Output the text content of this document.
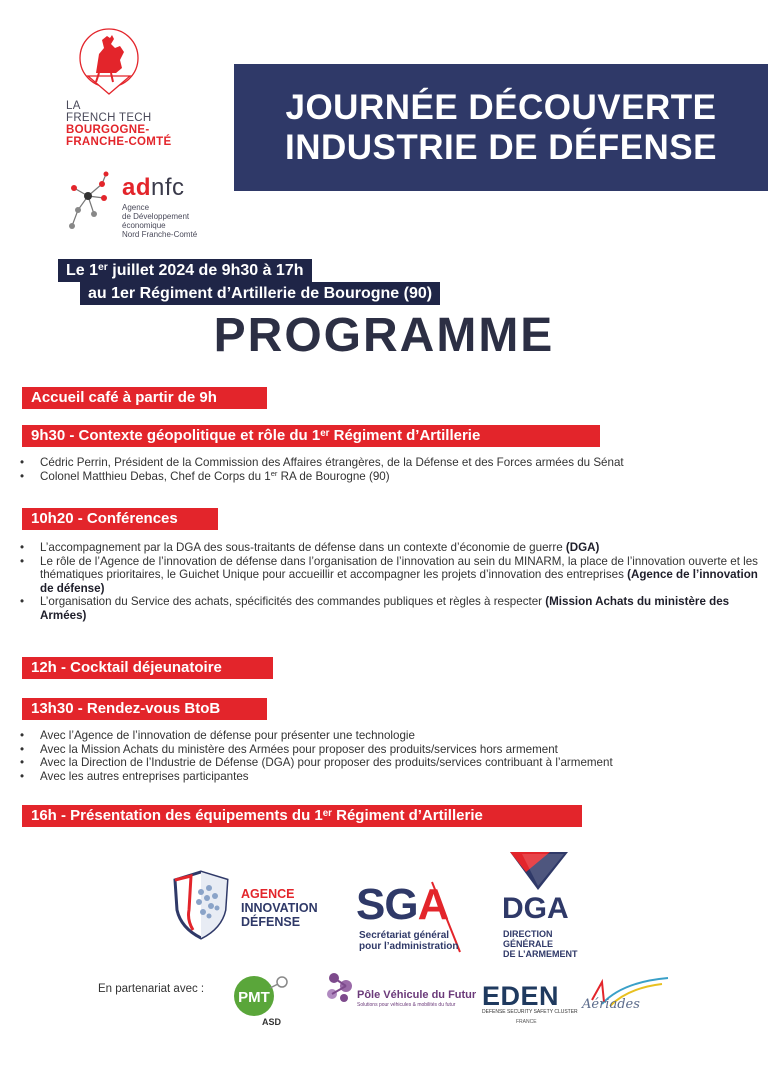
LA
FRENCH TECH
BOURGOGNE-
FRANCHE-COMTÉ
adnfc
Agence
de Développement
économique
Nord Franche-Comté
JOURNÉE DÉCOUVERTE
INDUSTRIE DE DÉFENSE
Le 1er juillet 2024 de 9h30 à 17h
au 1er Régiment d’Artillerie de Bourogne (90)
PROGRAMME
Accueil café à partir de 9h
9h30 - Contexte géopolitique et rôle du 1er Régiment d’Artillerie
• Cédric Perrin, Président de la Commission des Affaires étrangères, de la Défense et des Forces armées du Sénat
• Colonel Matthieu Debas, Chef de Corps du 1er RA de Bourogne (90)
10h20 - Conférences
• L’accompagnement par la DGA des sous-traitants de défense dans un contexte d’économie de guerre (DGA)
• Le rôle de l’Agence de l’innovation de défense dans l’organisation de l’innovation au sein du MINARM, la place de l’innovation ouverte et les thématiques prioritaires, le Guichet Unique pour accueillir et accompagner les projets d’innovation des entreprises (Agence de l’innovation de défense)
• L’organisation du Service des achats, spécificités des commandes publiques et règles à respecter (Mission Achats du ministère des Armées)
12h - Cocktail déjeunatoire
13h30 - Rendez-vous BtoB
• Avec l’Agence de l’innovation de défense pour présenter une technologie
• Avec la Mission Achats du ministère des Armées pour proposer des produits/services hors armement
• Avec la Direction de l’Industrie de Défense (DGA) pour proposer des produits/services contribuant à l’armement
• Avec les autres entreprises participantes
16h - Présentation des équipements du 1er Régiment d’Artillerie
AGENCE
INNOVATION
DÉFENSE	SGA
Secrétariat général
pour l’administration
DGA
DIRECTION
GÉNÉRALE
DE L’ARMEMENT
En partenariat avec : PMT
ASD
Pôle Véhicule du Futur
Solutions pour véhicules & mobilités du futur EDEN
DEFENSE SECURITY SAFETY CLUSTER
FRANCE
Aériades
